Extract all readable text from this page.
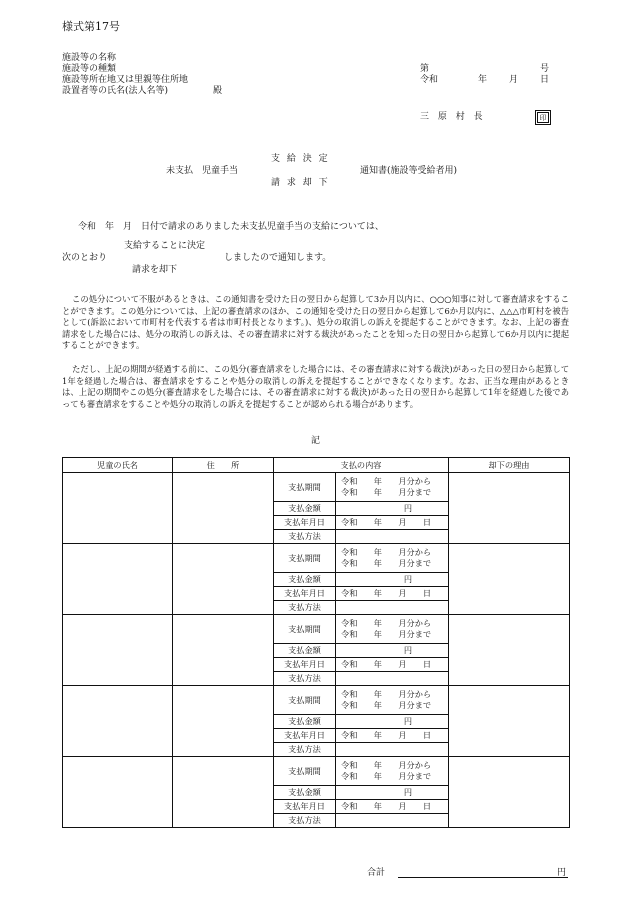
様式第17号
施設等の名称
施設等の種類
施設等所在地又は里親等住所地
設置者等の氏名(法人名等)	殿
第	号
令和	年 月 日
三 原 村 長	印
支 給 決 定
未支払　児童手当
請 求 却 下
通知書(施設等受給者用)
令和　年　月　日付で請求のありました未支払児童手当の支給については、
支給することに決定
次のとおり	しましたので通知します。
請求を却下
この処分について不服があるときは、この通知書を受けた日の翌日から起算して3か月以内に、○○○知事に対して審査請求をすることができます。この処分については、上記の審査請求のほか、この通知を受けた日の翌日から起算して6か月以内に、△△△市町村を被告として(訴訟において市町村を代表する者は市町村長となります。)、処分の取消しの訴えを提起することができます。なお、上記の審査請求をした場合には、処分の取消しの訴えは、その審査請求に対する裁決があったことを知った日の翌日から起算して6か月以内に提起することができます。
ただし、上記の期間が経過する前に、この処分(審査請求をした場合には、その審査請求に対する裁決)があった日の翌日から起算して1年を経過した場合は、審査請求をすることや処分の取消しの訴えを提起することができなくなります。なお、正当な理由があるときは、上記の期間やこの処分(審査請求をした場合には、その審査請求に対する裁決)があった日の翌日から起算して1年を経過した後であっても審査請求をすることや処分の取消しの訴えを提起することが認められる場合があります。
記
児童の氏名	住　　所	支払の内容		却下の理由
		支払期間	令和　　年　　月分から
令和　　年　　月分まで	

		支払金額	円	
		支払年月日	令和　　年　　月　　日	
		支払方法		
		支払期間	令和　　年　　月分から
令和　　年　　月分まで	

		支払金額	円	
		支払年月日	令和　　年　　月　　日	
		支払方法		
		支払期間	令和　　年　　月分から
令和　　年　　月分まで	

		支払金額	円	
		支払年月日	令和　　年　　月　　日	
		支払方法		
		支払期間	令和　　年　　月分から
令和　　年　　月分まで	

		支払金額	円	
		支払年月日	令和　　年　　月　　日	
		支払方法		
		支払期間	令和　　年　　月分から
令和　　年　　月分まで	

		支払金額	円	
		支払年月日	令和　　年　　月　　日	
		支払方法		
合計	円
